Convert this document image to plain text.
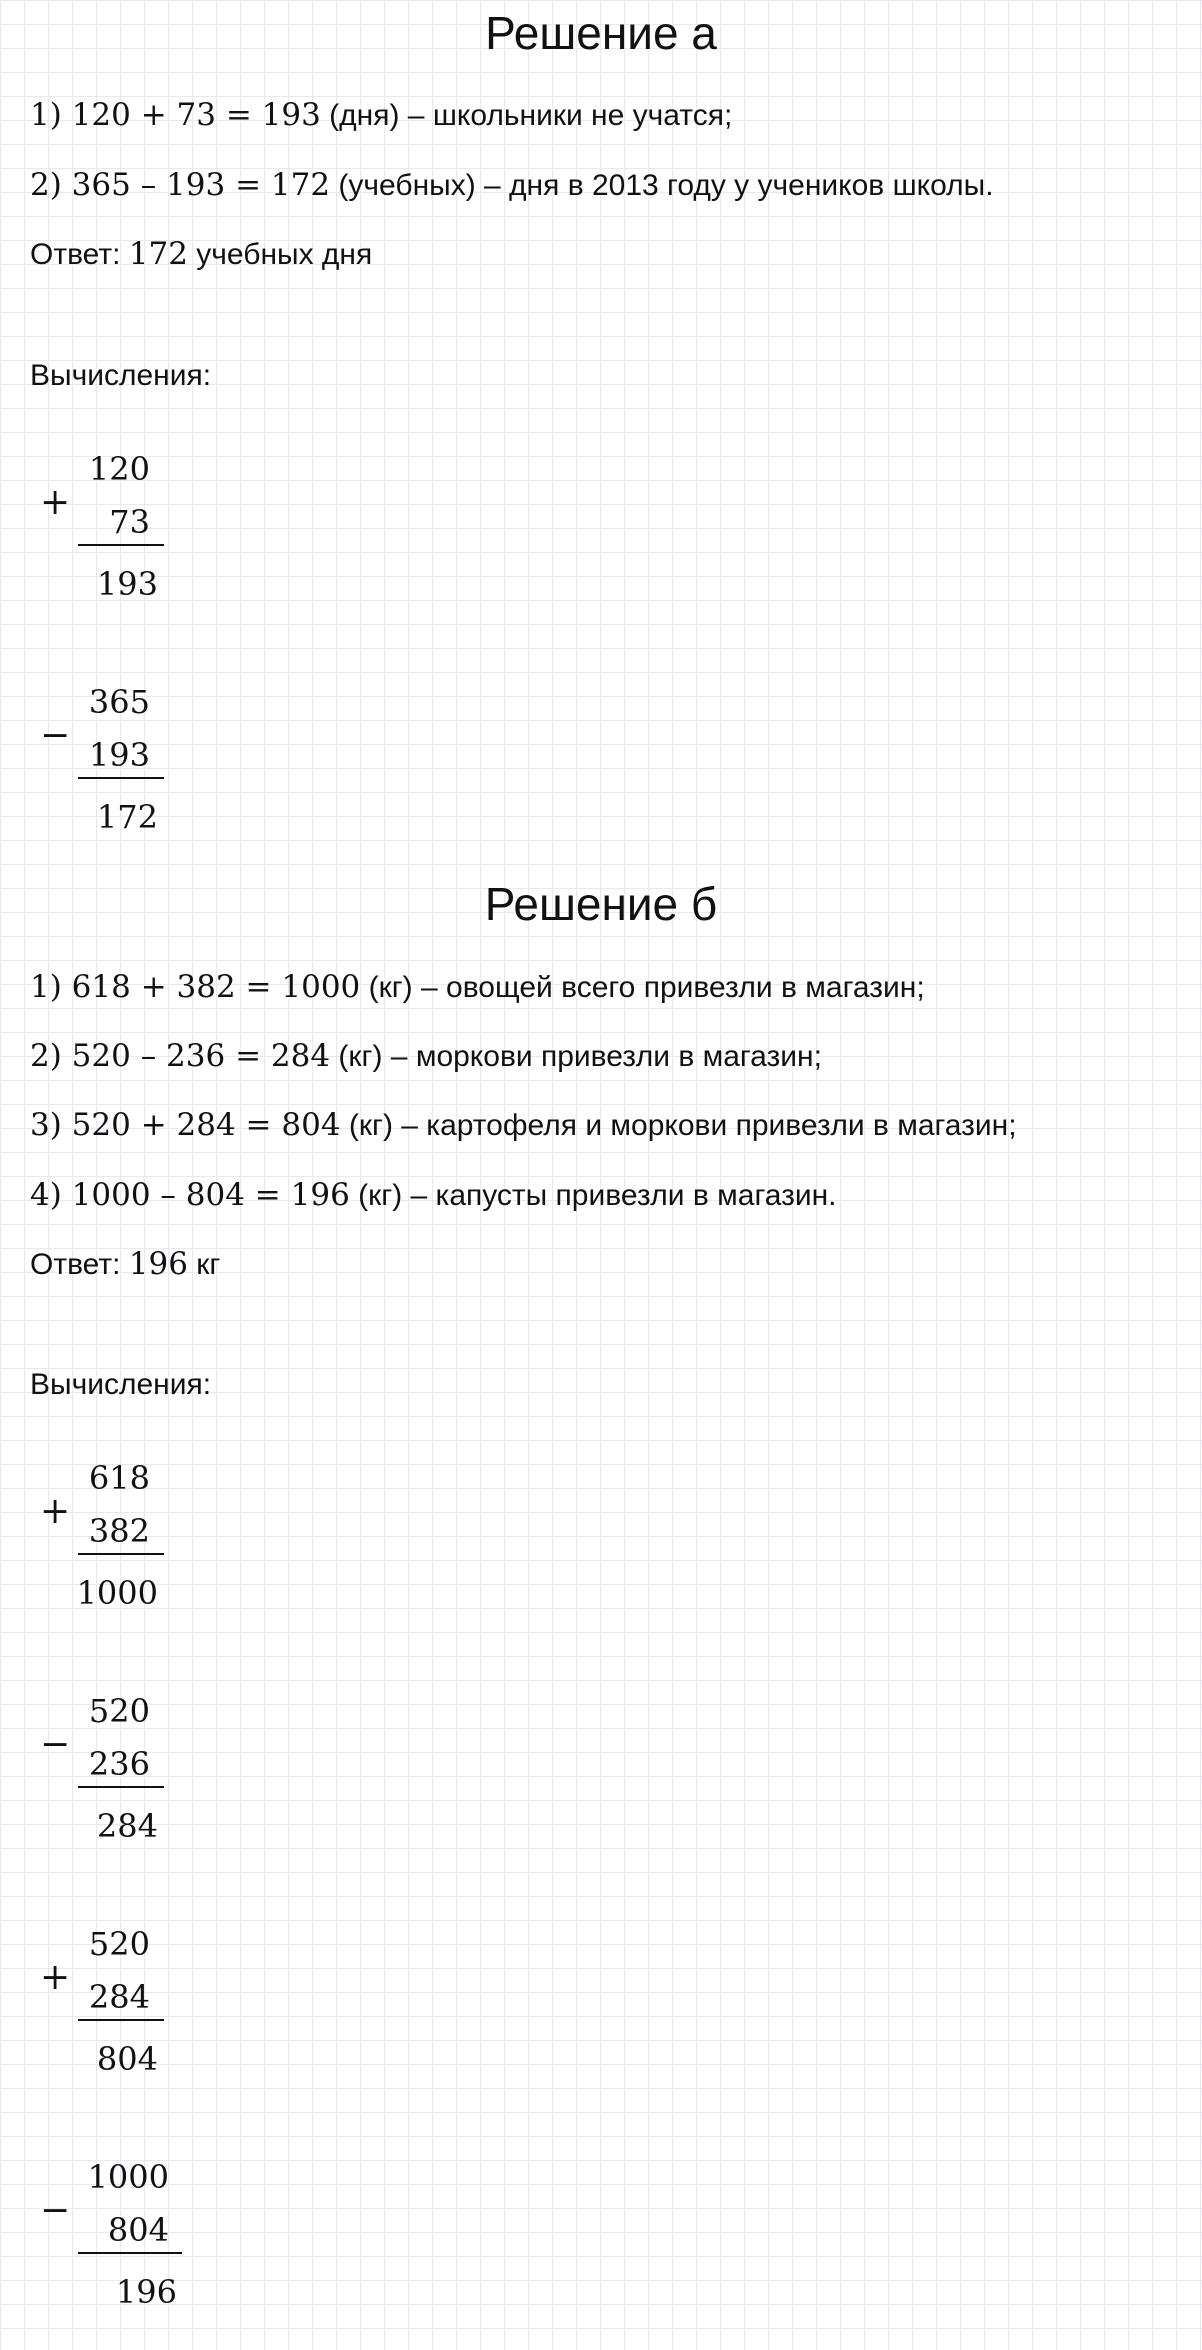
Решение а
1) 120 + 73 = 193 (дня) – школьники не учатся;
2) 365 – 193 = 172 (учебных) – дня в 2013 году у учеников школы.
Ответ: 172 учебных дня
Вычисления:
+
120
73
193
−
365
193
172
Решение б
1) 618 + 382 = 1000 (кг) – овощей всего привезли в магазин;
2) 520 – 236 = 284 (кг) – моркови привезли в магазин;
3) 520 + 284 = 804 (кг) – картофеля и моркови привезли в магазин;
4) 1000 – 804 = 196 (кг) – капусты привезли в магазин.
Ответ: 196 кг
Вычисления:
+
618
382
1000
−
520
236
284
+
520
284
804
−
1000
804
196
